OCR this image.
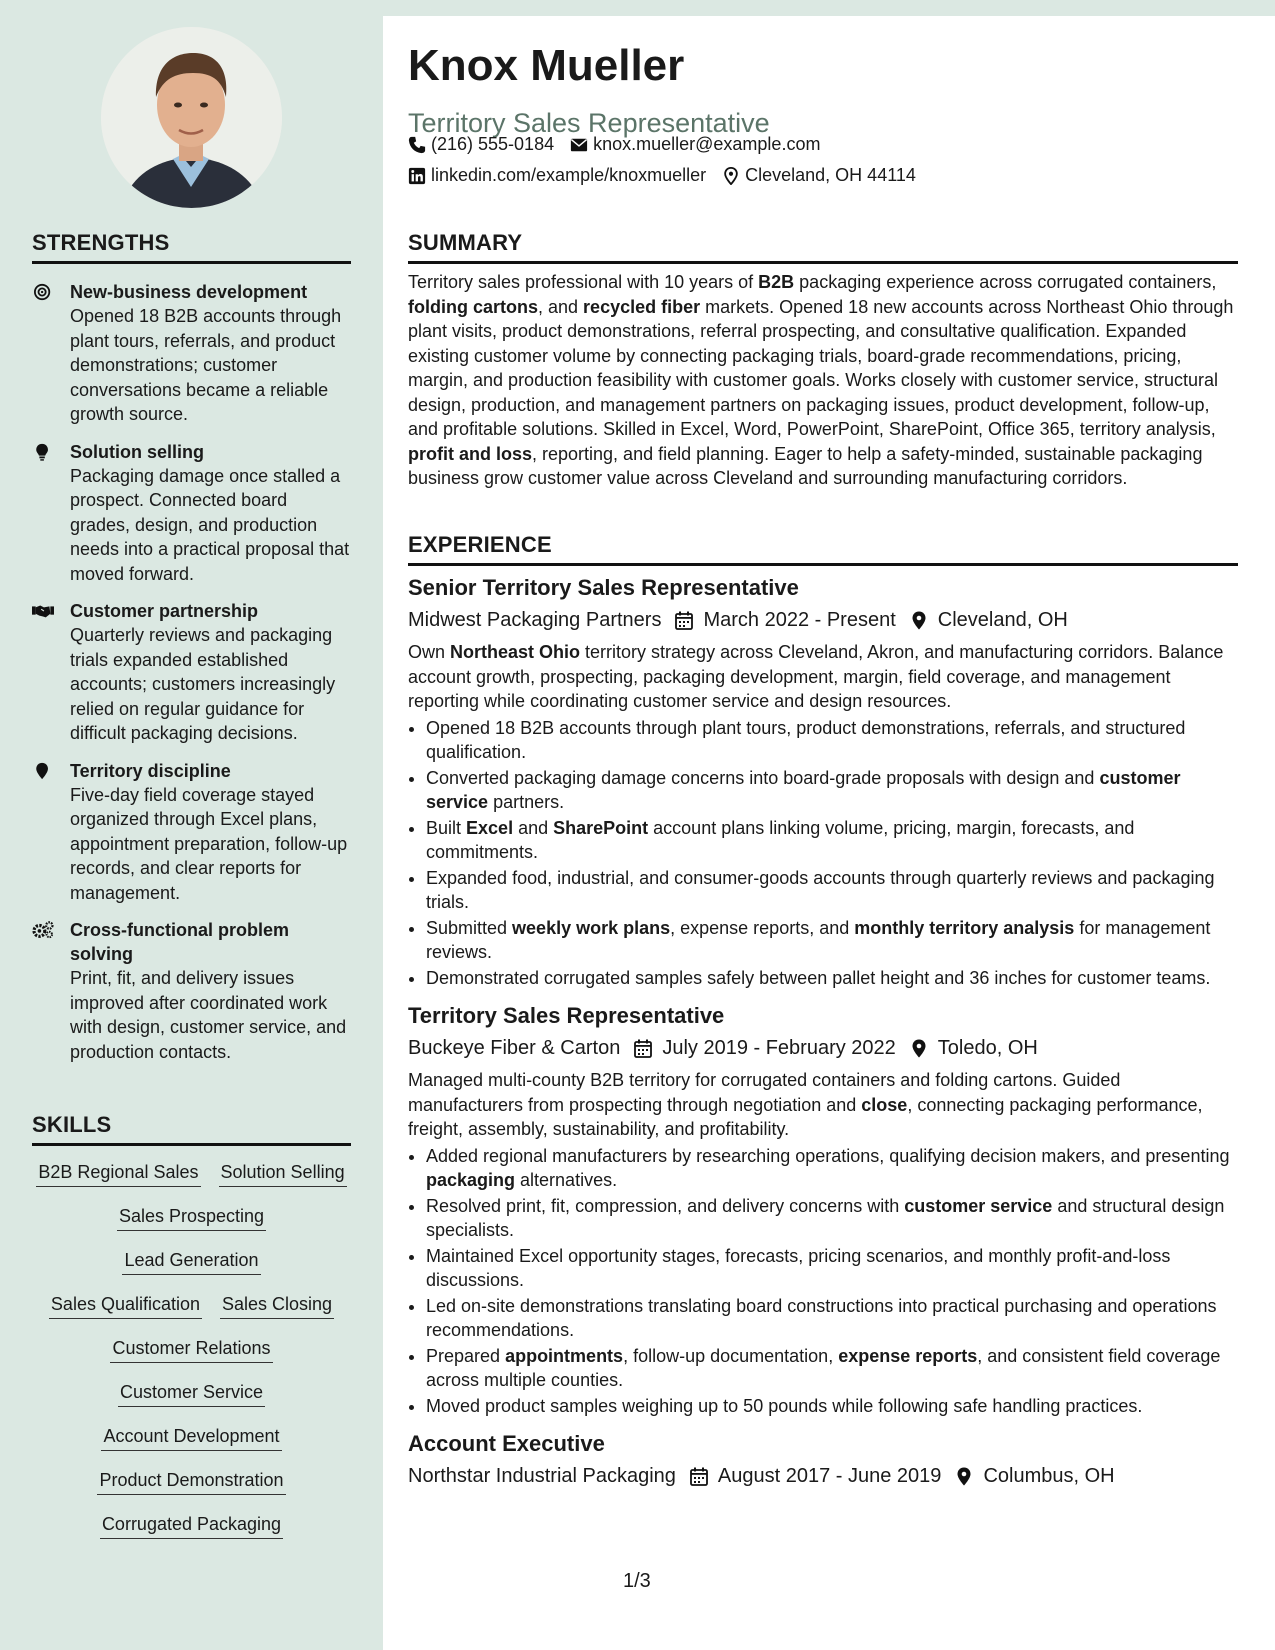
STRENGTHS
New-business development
Opened 18 B2B accounts through plant tours, referrals, and product demonstrations; customer conversations became a reliable growth source.
Solution selling
Packaging damage once stalled a prospect. Connected board grades, design, and production needs into a practical proposal that moved forward.
Customer partnership
Quarterly reviews and packaging trials expanded established accounts; customers increasingly relied on regular guidance for difficult packaging decisions.
Territory discipline
Five-day field coverage stayed organized through Excel plans, appointment preparation, follow-up records, and clear reports for management.
Cross-functional problem solving
Print, fit, and delivery issues improved after coordinated work with design, customer service, and production contacts.
SKILLS
B2B Regional Sales Solution Selling
Sales Prospecting
Lead Generation
Sales Qualification Sales Closing
Customer Relations
Customer Service
Account Development
Product Demonstration
Corrugated Packaging
Knox Mueller
Territory Sales Representative
(216) 555-0184 knox.mueller@example.com
linkedin.com/example/knoxmueller Cleveland, OH 44114
SUMMARY

Territory sales professional with 10 years of B2B packaging experience across corrugated containers, folding cartons, and recycled fiber markets. Opened 18 new accounts across Northeast Ohio through plant visits, product demonstrations, referral prospecting, and consultative qualification. Expanded existing customer volume by connecting packaging trials, board-grade recommendations, pricing, margin, and production feasibility with customer goals. Works closely with customer service, structural design, production, and management partners on packaging issues, product development, follow-up, and profitable solutions. Skilled in Excel, Word, PowerPoint, SharePoint, Office 365, territory analysis, profit and loss, reporting, and field planning. Eager to help a safety-minded, sustainable packaging business grow customer value across Cleveland and surrounding manufacturing corridors.

EXPERIENCE
Senior Territory Sales Representative
Midwest Packaging Partners March 2022 - Present Cleveland, OH

Own Northeast Ohio territory strategy across Cleveland, Akron, and manufacturing corridors. Balance account growth, prospecting, packaging development, margin, field coverage, and management reporting while coordinating customer service and design resources.

• Opened 18 B2B accounts through plant tours, product demonstrations, referrals, and structured qualification.
• Converted packaging damage concerns into board-grade proposals with design and customer service partners.
• Built Excel and SharePoint account plans linking volume, pricing, margin, forecasts, and commitments.
• Expanded food, industrial, and consumer-goods accounts through quarterly reviews and packaging trials.
• Submitted weekly work plans, expense reports, and monthly territory analysis for management reviews.
• Demonstrated corrugated samples safely between pallet height and 36 inches for customer teams.
Territory Sales Representative
Buckeye Fiber & Carton July 2019 - February 2022 Toledo, OH

Managed multi-county B2B territory for corrugated containers and folding cartons. Guided manufacturers from prospecting through negotiation and close, connecting packaging performance, freight, assembly, sustainability, and profitability.

• Added regional manufacturers by researching operations, qualifying decision makers, and presenting packaging alternatives.
• Resolved print, fit, compression, and delivery concerns with customer service and structural design specialists.
• Maintained Excel opportunity stages, forecasts, pricing scenarios, and monthly profit-and-loss discussions.
• Led on-site demonstrations translating board constructions into practical purchasing and operations recommendations.
• Prepared appointments, follow-up documentation, expense reports, and consistent field coverage across multiple counties.
• Moved product samples weighing up to 50 pounds while following safe handling practices.
Account Executive
Northstar Industrial Packaging August 2017 - June 2019 Columbus, OH
1/3
